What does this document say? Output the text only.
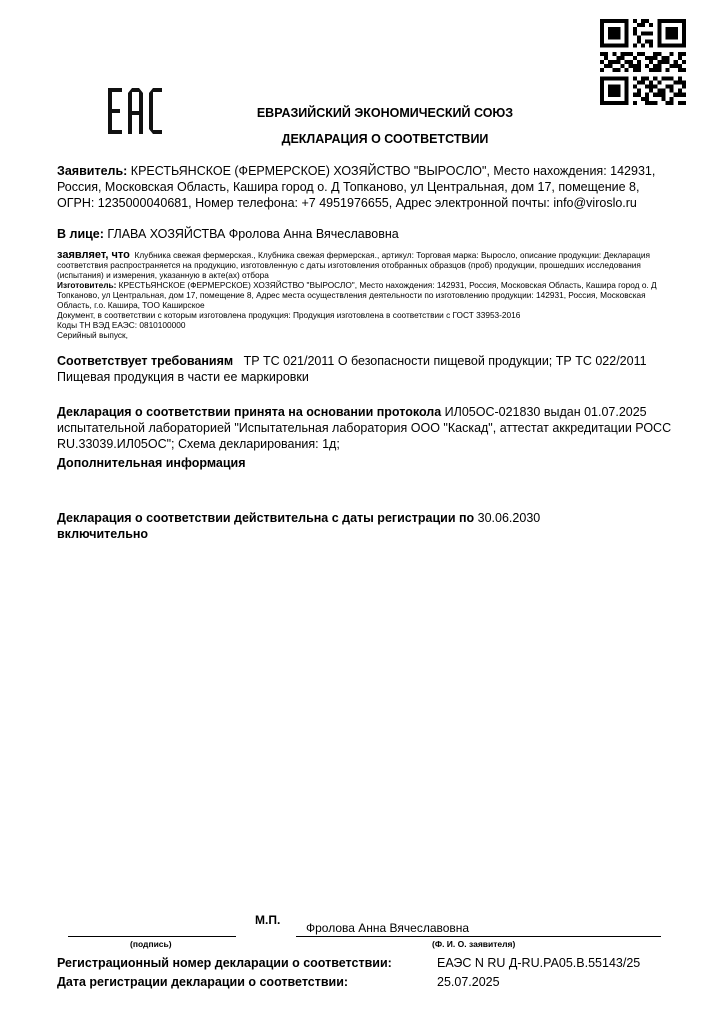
ЕВРАЗИЙСКИЙ ЭКОНОМИЧЕСКИЙ СОЮЗ
ДЕКЛАРАЦИЯ О СООТВЕТСТВИИ
Заявитель: КРЕСТЬЯНСКОЕ (ФЕРМЕРСКОЕ) ХОЗЯЙСТВО "ВЫРОСЛО", Место нахождения: 142931, Россия, Московская Область, Кашира город о. Д Топканово, ул Центральная, дом 17, помещение 8, ОГРН: 1235000040681, Номер телефона: +7 4951976655, Адрес электронной почты: info@viroslo.ru
В лице: ГЛАВА ХОЗЯЙСТВА Фролова Анна Вячеславовна
заявляет, что Клубника свежая фермерская., Клубника свежая фермерская., артикул: Торговая марка: Выросло, описание продукции: Декларация соответствия распространяется на продукцию, изготовленную с даты изготовления отобранных образцов (проб) продукции, прошедших исследования (испытания) и измерения, указанную в акте(ах) отбора
Изготовитель: КРЕСТЬЯНСКОЕ (ФЕРМЕРСКОЕ) ХОЗЯЙСТВО "ВЫРОСЛО", Место нахождения: 142931, Россия, Московская Область, Кашира город о. Д Топканово, ул Центральная, дом 17, помещение 8, Адрес места осуществления деятельности по изготовлению продукции: 142931, Россия, Московская Область, г.о. Кашира, ТОО Каширское
Документ, в соответствии с которым изготовлена продукция: Продукция изготовлена в соответствии с ГОСТ 33953-2016
Коды ТН ВЭД ЕАЭС: 0810100000
Серийный выпуск,
Соответствует требованиям ТР ТС 021/2011 О безопасности пищевой продукции; ТР ТС 022/2011 Пищевая продукция в части ее маркировки
Декларация о соответствии принята на основании протокола ИЛ05ОС-021830 выдан 01.07.2025 испытательной лабораторией "Испытательная лаборатория ООО "Каскад", аттестат аккредитации РОСС RU.33039.ИЛ05ОС"; Схема декларирования: 1д;
Дополнительная информация
Декларация о соответствии действительна с даты регистрации по 30.06.2030
включительно
М.П.
Фролова Анна Вячеславовна
(подпись)	(Ф. И. О. заявителя)
Регистрационный номер декларации о соответствии:	ЕАЭС N RU Д-RU.РА05.В.55143/25
Дата регистрации декларации о соответствии:	25.07.2025
